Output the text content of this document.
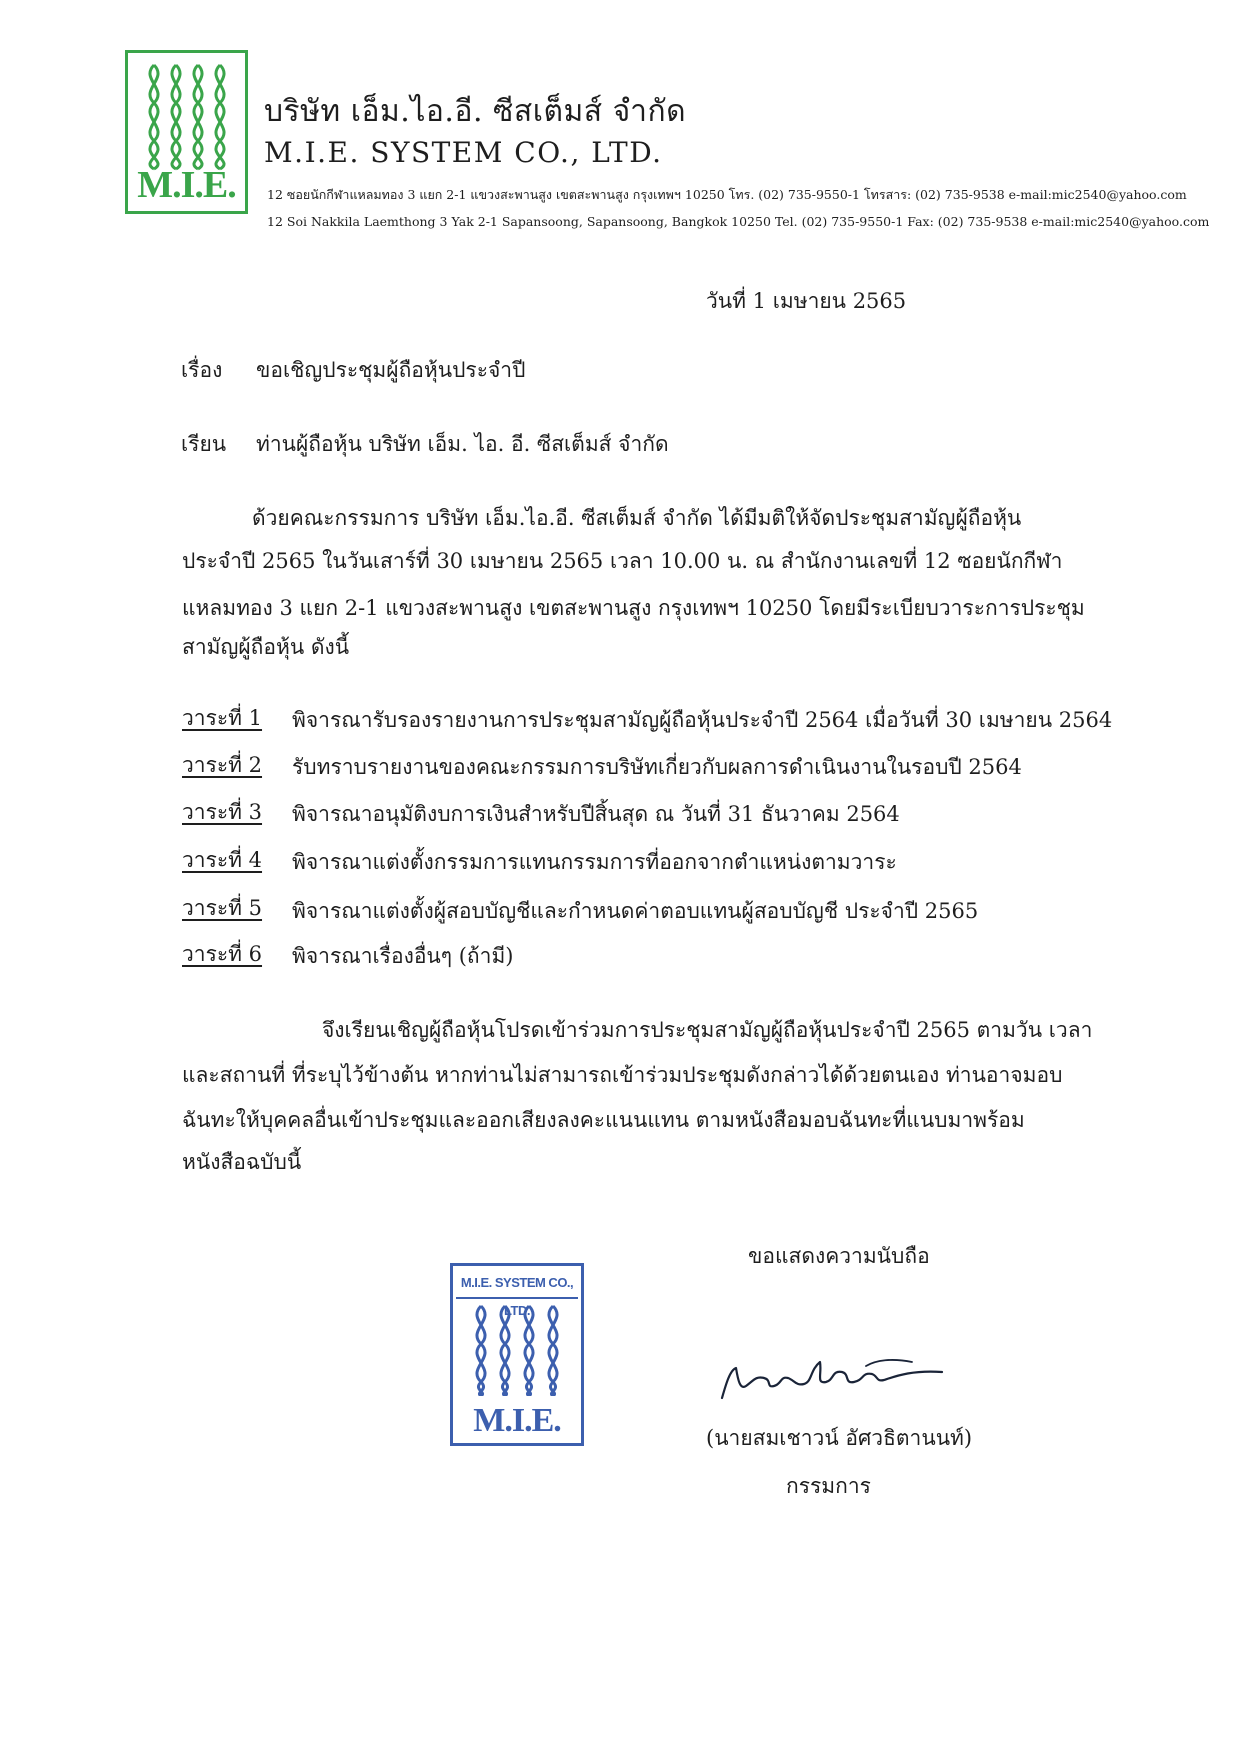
M.I.E.
บริษัท เอ็ม.ไอ.อี. ซีสเต็มส์ จำกัด
M.I.E. SYSTEM CO., LTD.
12 ซอยนักกีฬาแหลมทอง 3 แยก 2-1 แขวงสะพานสูง เขตสะพานสูง กรุงเทพฯ 10250 โทร. (02) 735-9550-1 โทรสาร: (02) 735-9538 e-mail:mic2540@yahoo.com
12 Soi Nakkila Laemthong 3 Yak 2-1 Sapansoong, Sapansoong, Bangkok 10250 Tel. (02) 735-9550-1 Fax: (02) 735-9538 e-mail:mic2540@yahoo.com
วันที่ 1 เมษายน 2565
เรื่อง ขอเชิญประชุมผู้ถือหุ้นประจำปี
เรียน ท่านผู้ถือหุ้น บริษัท เอ็ม. ไอ. อี. ซีสเต็มส์ จำกัด
ด้วยคณะกรรมการ บริษัท เอ็ม.ไอ.อี. ซีสเต็มส์ จำกัด ได้มีมติให้จัดประชุมสามัญผู้ถือหุ้น
ประจำปี 2565 ในวันเสาร์ที่ 30 เมษายน 2565 เวลา 10.00 น. ณ สำนักงานเลขที่ 12 ซอยนักกีฬา
แหลมทอง 3 แยก 2-1 แขวงสะพานสูง เขตสะพานสูง กรุงเทพฯ 10250 โดยมีระเบียบวาระการประชุม
สามัญผู้ถือหุ้น ดังนี้
วาระที่ 1 พิจารณารับรองรายงานการประชุมสามัญผู้ถือหุ้นประจำปี 2564 เมื่อวันที่ 30 เมษายน 2564
วาระที่ 2 รับทราบรายงานของคณะกรรมการบริษัทเกี่ยวกับผลการดำเนินงานในรอบปี 2564
วาระที่ 3 พิจารณาอนุมัติงบการเงินสำหรับปีสิ้นสุด ณ วันที่ 31 ธันวาคม 2564
วาระที่ 4 พิจารณาแต่งตั้งกรรมการแทนกรรมการที่ออกจากตำแหน่งตามวาระ
วาระที่ 5 พิจารณาแต่งตั้งผู้สอบบัญชีและกำหนดค่าตอบแทนผู้สอบบัญชี ประจำปี 2565
วาระที่ 6 พิจารณาเรื่องอื่นๆ (ถ้ามี)
จึงเรียนเชิญผู้ถือหุ้นโปรดเข้าร่วมการประชุมสามัญผู้ถือหุ้นประจำปี 2565 ตามวัน เวลา
และสถานที่ ที่ระบุไว้ข้างต้น หากท่านไม่สามารถเข้าร่วมประชุมดังกล่าวได้ด้วยตนเอง ท่านอาจมอบ
ฉันทะให้บุคคลอื่นเข้าประชุมและออกเสียงลงคะแนนแทน ตามหนังสือมอบฉันทะที่แนบมาพร้อม
หนังสือฉบับนี้
M.I.E. SYSTEM CO., LTD.
M.I.E.
ขอแสดงความนับถือ
(นายสมเชาวน์ อัศวธิตานนท์)
กรรมการ
